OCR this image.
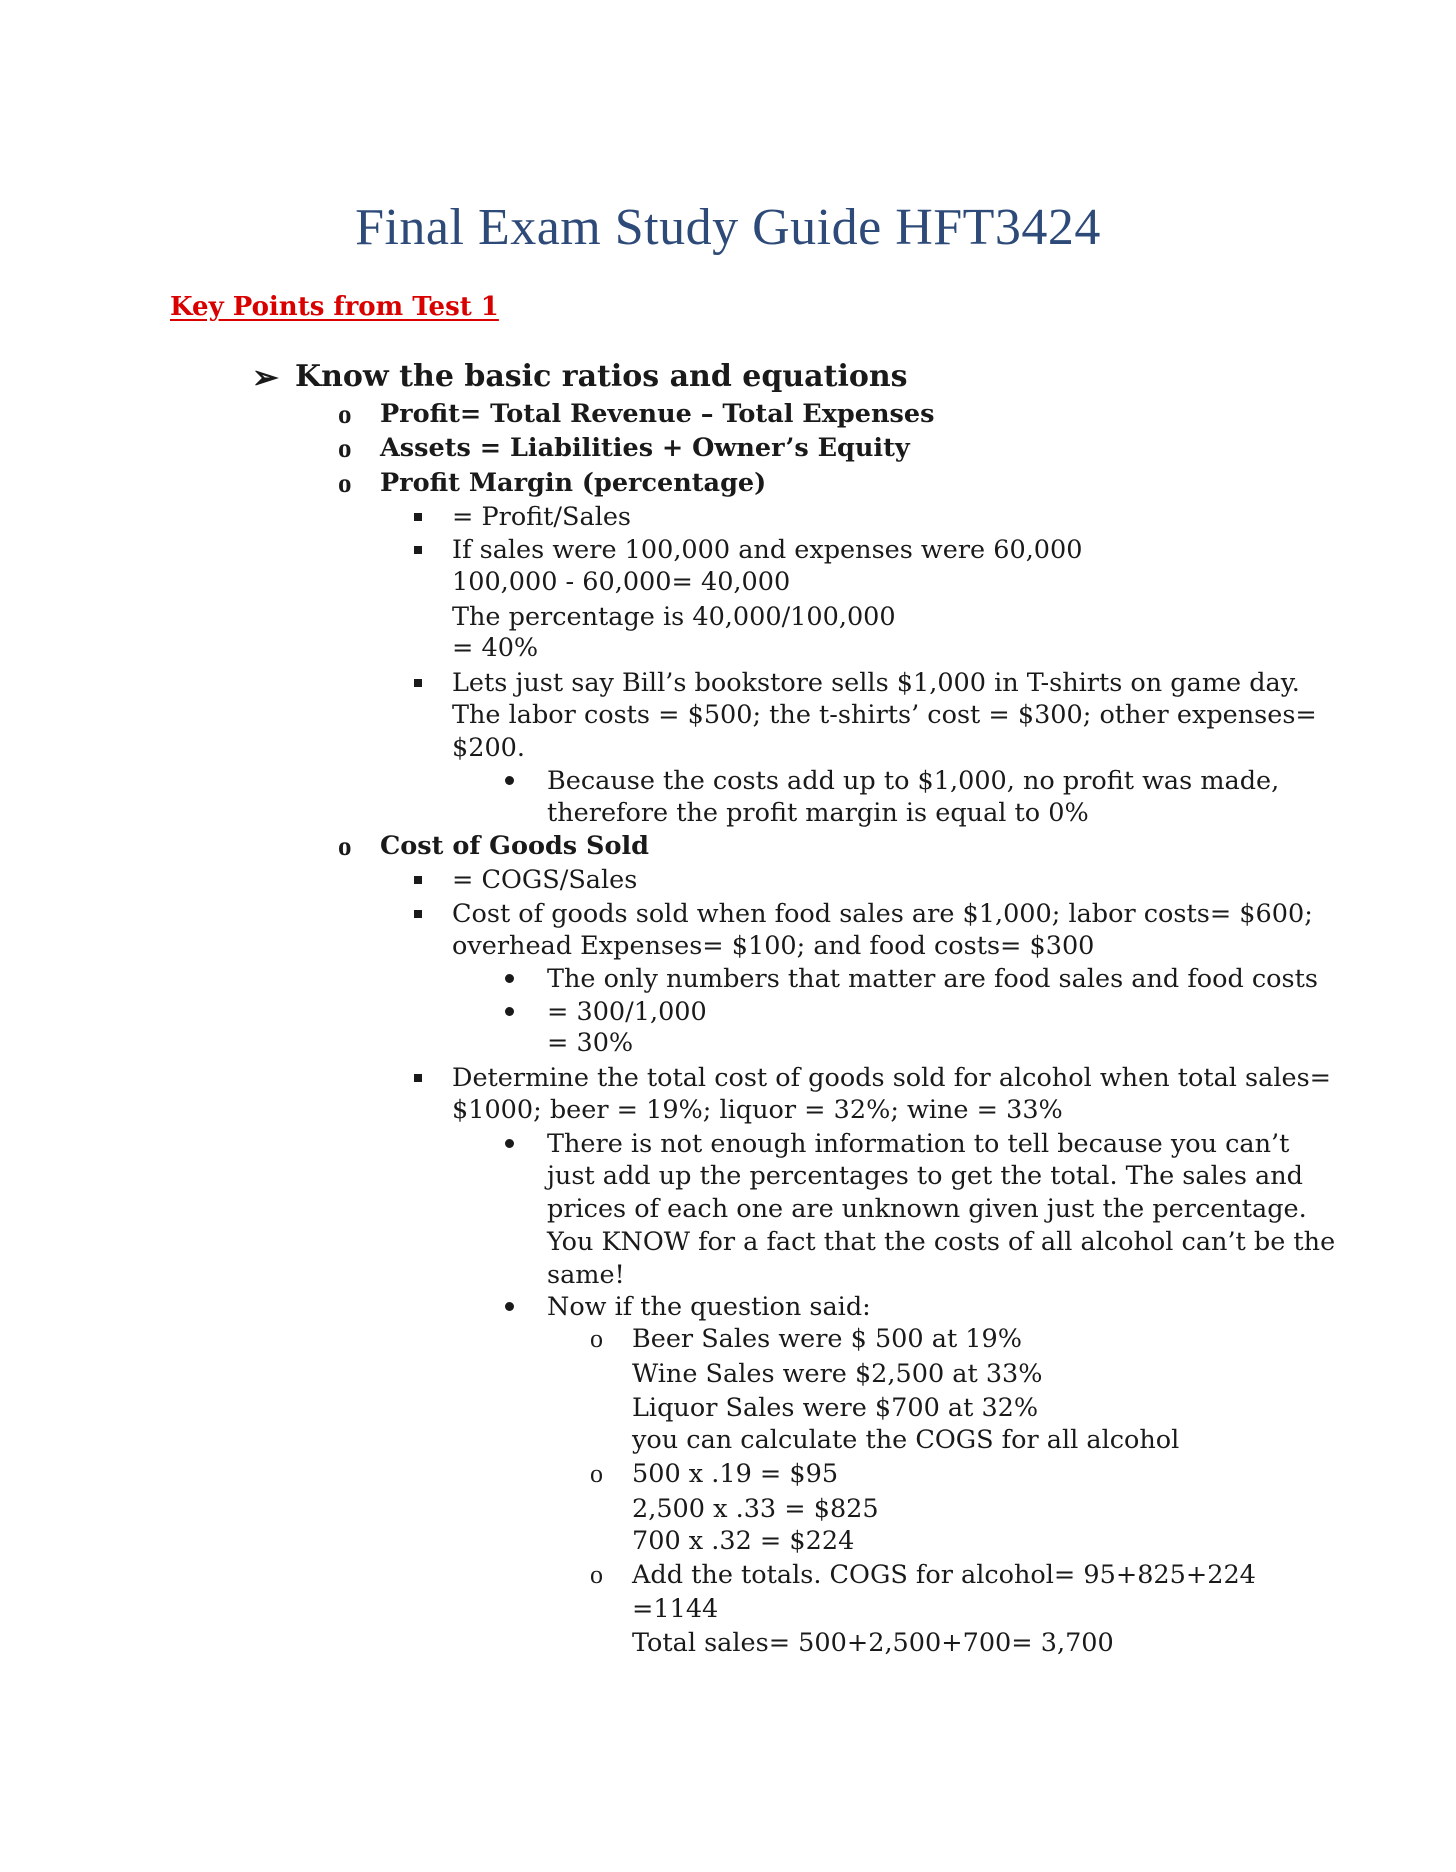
Final Exam Study Guide HFT3424
Key Points from Test 1
➢ Know the basic ratios and equations
o Profit= Total Revenue – Total Expenses
o Assets = Liabilities + Owner’s Equity
o Profit Margin (percentage)
= Profit/Sales
If sales were 100,000 and expenses were 60,000
100,000 - 60,000= 40,000
The percentage is 40,000/100,000
= 40%
Lets just say Bill’s bookstore sells $1,000 in T-shirts on game day.
The labor costs = $500; the t-shirts’ cost = $300; other expenses=
$200.
Because the costs add up to $1,000, no profit was made,
therefore the profit margin is equal to 0%
o Cost of Goods Sold
= COGS/Sales
Cost of goods sold when food sales are $1,000; labor costs= $600;
overhead Expenses= $100; and food costs= $300
The only numbers that matter are food sales and food costs
= 300/1,000
= 30%
Determine the total cost of goods sold for alcohol when total sales=
$1000; beer = 19%; liquor = 32%; wine = 33%
There is not enough information to tell because you can’t
just add up the percentages to get the total. The sales and
prices of each one are unknown given just the percentage.
You KNOW for a fact that the costs of all alcohol can’t be the
same!
Now if the question said:
o Beer Sales were $ 500 at 19%
Wine Sales were $2,500 at 33%
Liquor Sales were $700 at 32%
you can calculate the COGS for all alcohol
o 500 x .19 = $95
2,500 x .33 = $825
700 x .32 = $224
o Add the totals. COGS for alcohol= 95+825+224
=1144
Total sales= 500+2,500+700= 3,700
